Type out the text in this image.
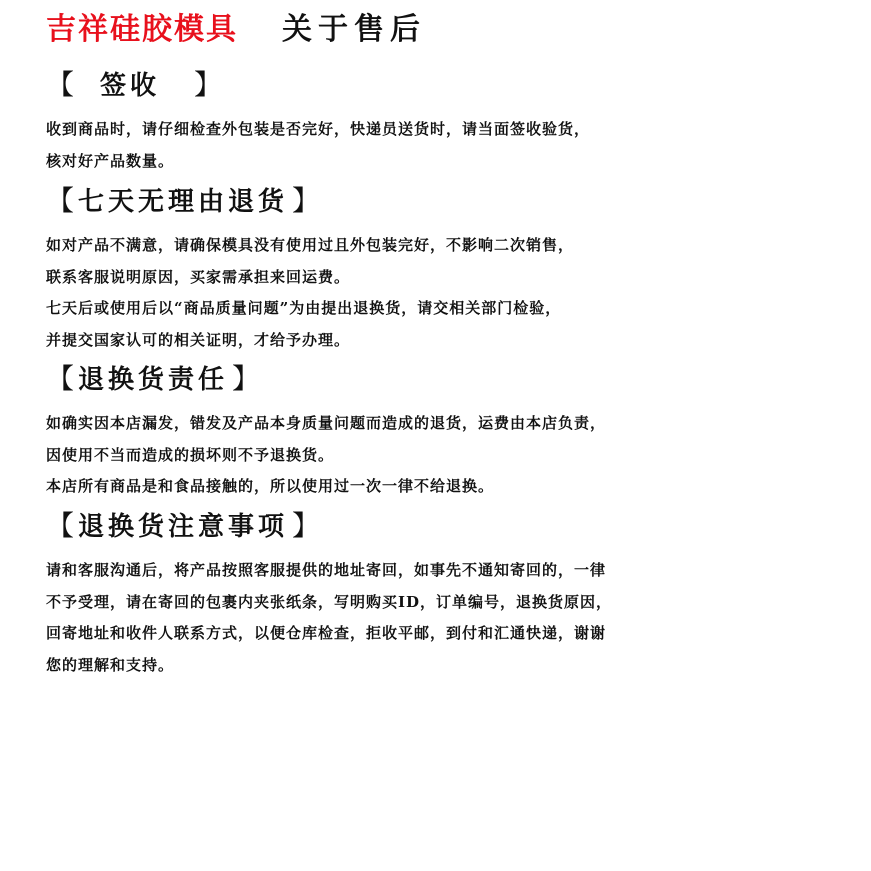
吉祥硅胶模具 关于售后
【	签收	】
收到商品时，请仔细检查外包装是否完好，快递员送货时，请当面签收验货，
核对好产品数量。
【 七天无理由退货 】
如对产品不满意，请确保模具没有使用过且外包装完好，不影响二次销售，
联系客服说明原因，买家需承担来回运费。
七天后或使用后以“商品质量问题”为由提出退换货，请交相关部门检验，
并提交国家认可的相关证明，才给予办理。
【 退换货责任 】
如确实因本店漏发，错发及产品本身质量问题而造成的退货，运费由本店负责，
因使用不当而造成的损坏则不予退换货。
本店所有商品是和食品接触的，所以使用过一次一律不给退换。
【 退换货注意事项 】
请和客服沟通后，将产品按照客服提供的地址寄回，如事先不通知寄回的，一律
不予受理，请在寄回的包裹内夹张纸条，写明购买ID，订单编号，退换货原因，
回寄地址和收件人联系方式，以便仓库检查，拒收平邮，到付和汇通快递，谢谢
您的理解和支持。
